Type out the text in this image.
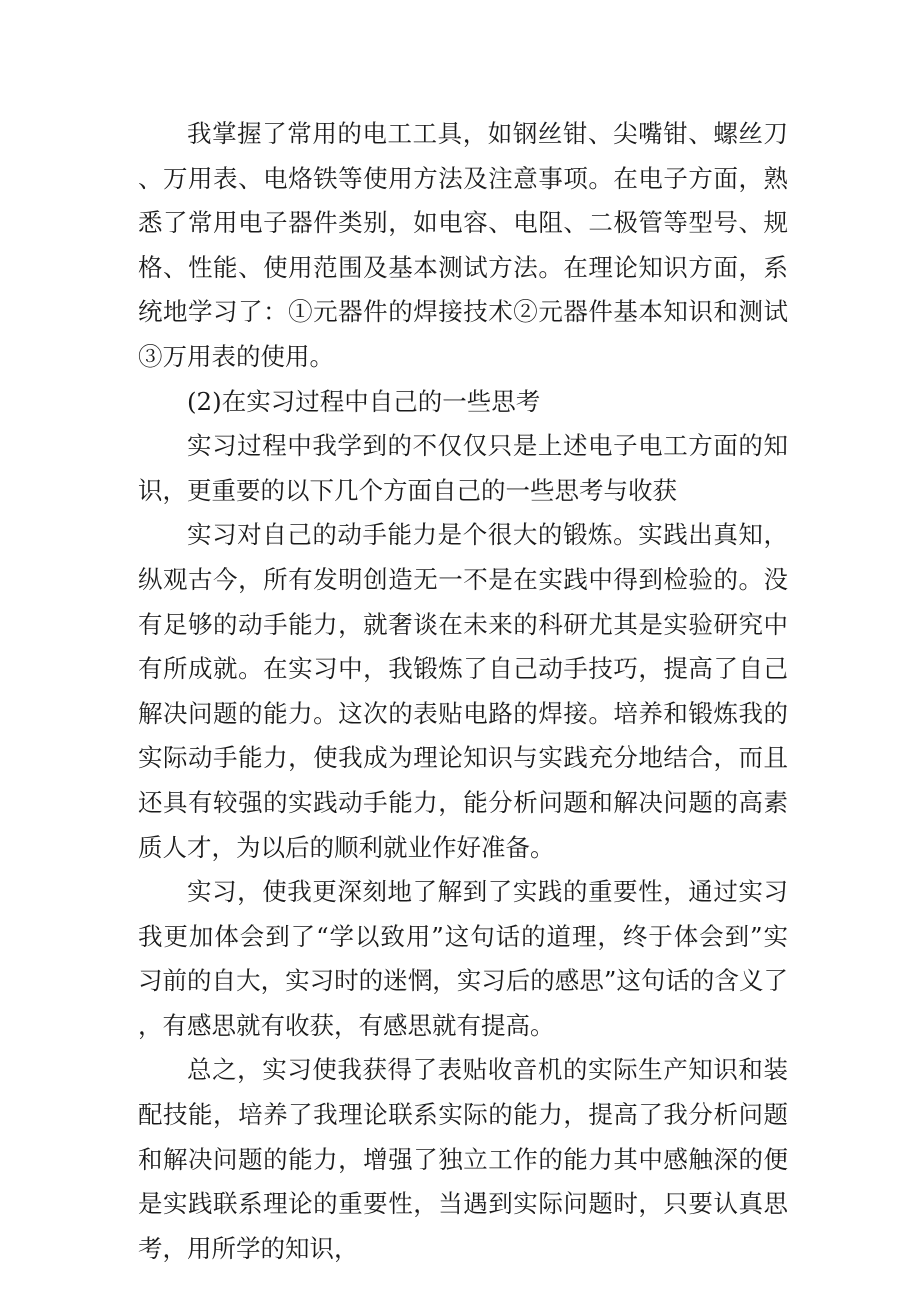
我掌握了常用的电工工具，如钢丝钳、尖嘴钳、螺丝刀、万用表、电烙铁等使用方法及注意事项。在电子方面，熟悉了常用电子器件类别，如电容、电阻、二极管等型号、规格、性能、使用范围及基本测试方法。在理论知识方面，系统地学习了：①元器件的焊接技术②元器件基本知识和测试③万用表的使用。

(2)在实习过程中自己的一些思考

实习过程中我学到的不仅仅只是上述电子电工方面的知识，更重要的以下几个方面自己的一些思考与收获

实习对自己的动手能力是个很大的锻炼。实践出真知，纵观古今，所有发明创造无一不是在实践中得到检验的。没有足够的动手能力，就奢谈在未来的科研尤其是实验研究中有所成就。在实习中，我锻炼了自己动手技巧，提高了自己解决问题的能力。这次的表贴电路的焊接。培养和锻炼我的实际动手能力，使我成为理论知识与实践充分地结合，而且还具有较强的实践动手能力，能分析问题和解决问题的高素质人才，为以后的顺利就业作好准备。

实习，使我更深刻地了解到了实践的重要性，通过实习我更加体会到了“学以致用”这句话的道理，终于体会到”实习前的自大，实习时的迷惘，实习后的感思”这句话的含义了，有感思就有收获，有感思就有提高。

总之，实习使我获得了表贴收音机的实际生产知识和装配技能，培养了我理论联系实际的能力，提高了我分析问题和解决问题的能力，增强了独立工作的能力其中感触深的便是实践联系理论的重要性，当遇到实际问题时，只要认真思考，用所学的知识，
